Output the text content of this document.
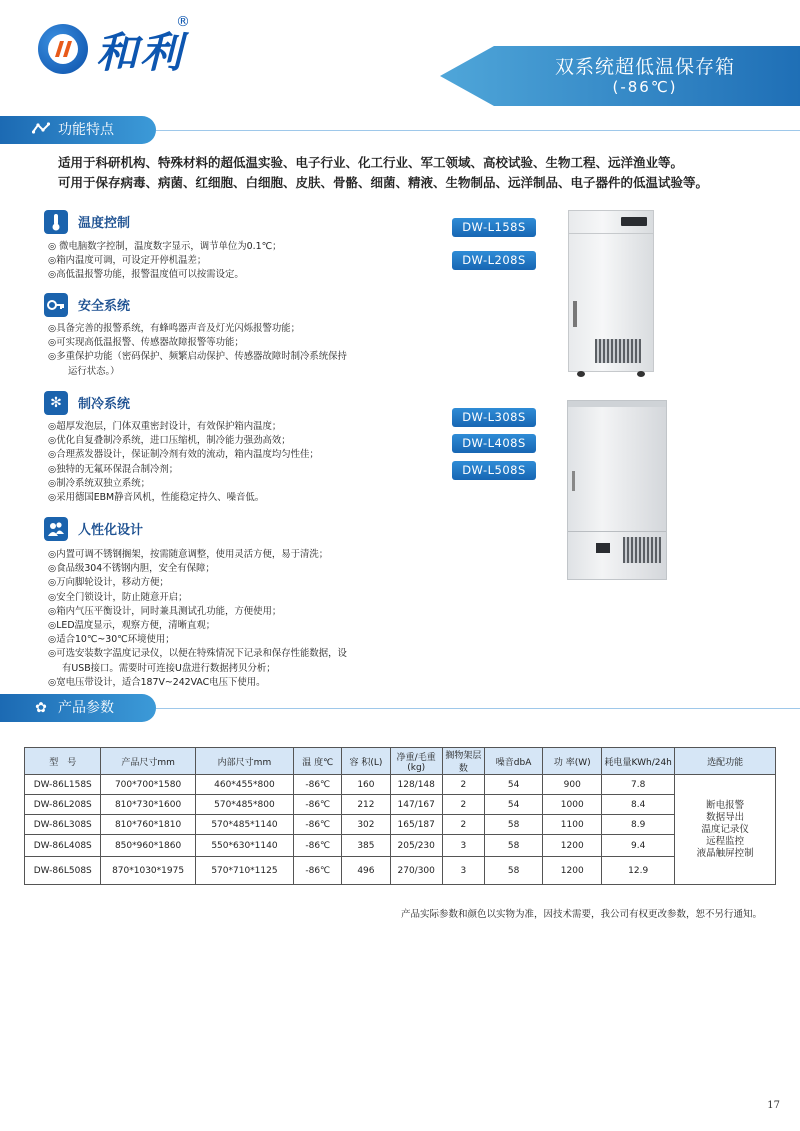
和利
®
双系统超低温保存箱
(-86℃)
功能特点
适用于科研机构、特殊材料的超低温实验、电子行业、化工行业、军工领域、高校试验、生物工程、远洋渔业等。
可用于保存病毒、病菌、红细胞、白细胞、皮肤、骨骼、细菌、精液、生物制品、远洋制品、电子器件的低温试验等。
温度控制
◎ 微电脑数字控制，温度数字显示，调节单位为0.1℃；
◎箱内温度可调，可设定开停机温差；
◎高低温报警功能，报警温度值可以按需设定。
安全系统
◎具备完善的报警系统，有蜂鸣器声音及灯光闪烁报警功能；
◎可实现高低温报警、传感器故障报警等功能；
◎多重保护功能（密码保护、频繁启动保护、传感器故障时制冷系统保持
运行状态。）
✻	制冷系统
◎超厚发泡层，门体双重密封设计，有效保护箱内温度；
◎优化自复叠制冷系统，进口压缩机，制冷能力强劲高效；
◎合理蒸发器设计，保证制冷剂有效的流动，箱内温度均匀性佳；
◎独特的无氟环保混合制冷剂；
◎制冷系统双独立系统；
◎采用德国EBM静音风机，性能稳定持久、噪音低。
人性化设计
◎内置可调不锈钢搁架，按需随意调整，使用灵活方便，易于清洗；
◎食品级304不锈钢内胆，安全有保障；
◎万向脚轮设计，移动方便；
◎安全门锁设计，防止随意开启；
◎箱内气压平衡设计，同时兼具测试孔功能，方便使用；
◎LED温度显示，观察方便，清晰直观；
◎适合10℃~30℃环境使用；
◎可选安装数字温度记录仪，以便在特殊情况下记录和保存性能数据，设
有USB接口。需要时可连接U盘进行数据拷贝分析；
◎宽电压带设计，适合187V~242VAC电压下使用。
DW-L158S
DW-L208S
DW-L308S
DW-L408S
DW-L508S
✿ 产品参数
型　号	产品尺寸mm	内部尺寸mm	温 度℃	容 积(L)	净重/毛重(kg)	搁物架层数	噪音dbA	功 率(W)	耗电量KWh/24h	选配功能
DW-86L158S	700*700*1580	460*455*800	-86℃	160	128/148	2	54	900	7.8	断电报警
数据导出
温度记录仪
远程监控
液晶触屏控制

DW-86L208S	810*730*1600	570*485*800	-86℃	212	147/167	2	54	1000	8.4	
DW-86L308S	810*760*1810	570*485*1140	-86℃	302	165/187	2	58	1100	8.9	
DW-86L408S	850*960*1860	550*630*1140	-86℃	385	205/230	3	58	1200	9.4	
DW-86L508S	870*1030*1975	570*710*1125	-86℃	496	270/300	3	58	1200	12.9	
产品实际参数和颜色以实物为准，因技术需要，我公司有权更改参数，恕不另行通知。
17
